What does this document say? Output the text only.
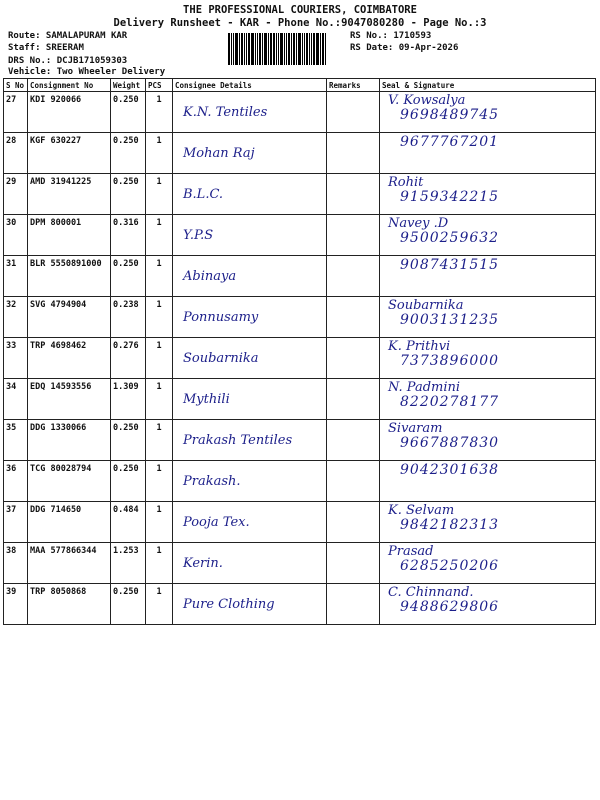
THE PROFESSIONAL COURIERS, COIMBATORE
Delivery Runsheet - KAR - Phone No.:9047080280 - Page No.:3
Route: SAMALAPURAM KAR
Staff: SREERAM
DRS No.: DCJB171059303
Vehicle: Two Wheeler Delivery
RS No.: 1710593
RS Date: 09-Apr-2026
S No	Consignment No	Weight	PCS	Consignee Details	Remarks	Seal & Signature
27	KDI 920066	0.250	1	K.N. Tentiles		V. Kowsalya
9698489745

28	KGF 630227	0.250	1	Mohan Raj		9677767201

29	AMD 31941225	0.250	1	B.L.C.		Rohit
9159342215

30	DPM 800001	0.316	1	Y.P.S		Navey .D
9500259632

31	BLR 5550891000	0.250	1	Abinaya		9087431515

32	SVG 4794904	0.238	1	Ponnusamy		Soubarnika
9003131235

33	TRP 4698462	0.276	1	Soubarnika		K. Prithvi
7373896000

34	EDQ 14593556	1.309	1	Mythili		N. Padmini
8220278177

35	DDG 1330066	0.250	1	Prakash Tentiles		Sivaram
9667887830

36	TCG 80028794	0.250	1	Prakash.		9042301638

37	DDG 714650	0.484	1	Pooja Tex.		K. Selvam
9842182313

38	MAA 577866344	1.253	1	Kerin.		Prasad
6285250206

39	TRP 8050868	0.250	1	Pure Clothing		C. Chinnand.
9488629806
